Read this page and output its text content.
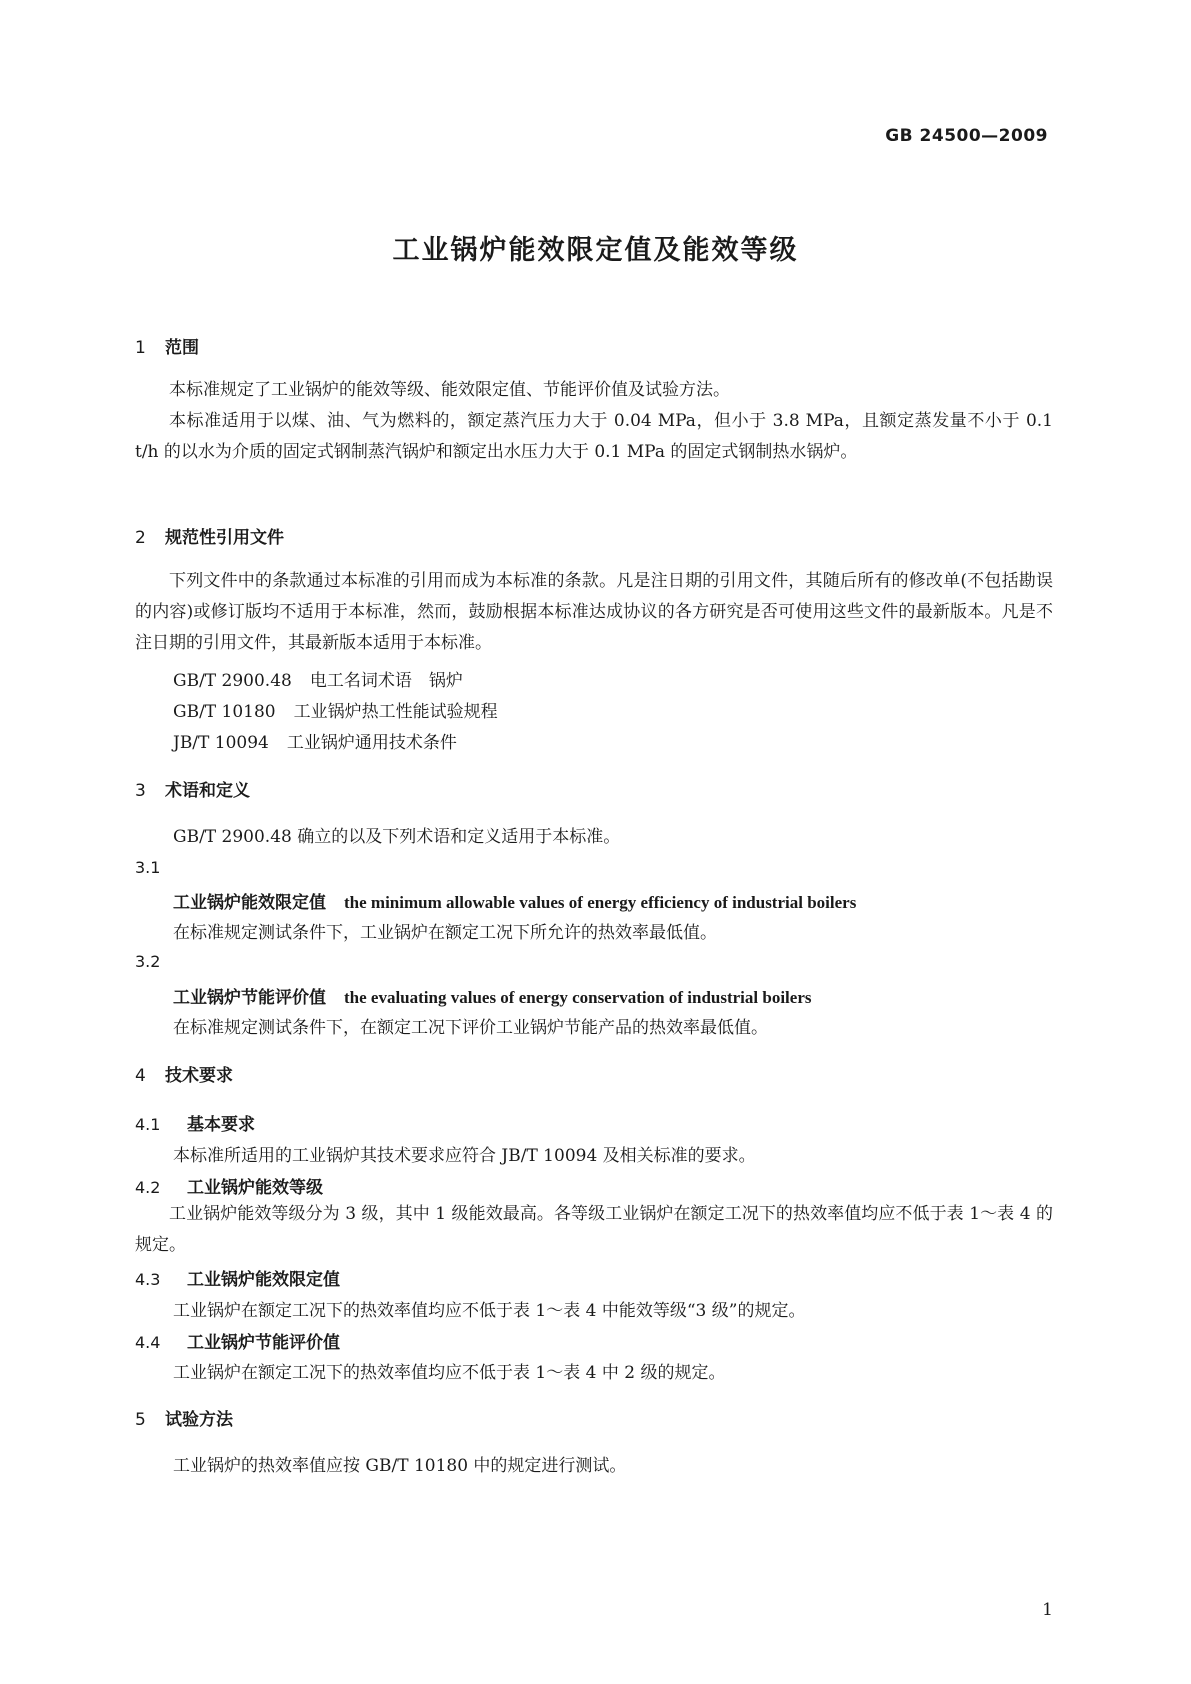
GB 24500—2009
工业锅炉能效限定值及能效等级
1 范围
本标准规定了工业锅炉的能效等级、能效限定值、节能评价值及试验方法。
本标准适用于以煤、油、气为燃料的，额定蒸汽压力大于 0.04 MPa，但小于 3.8 MPa，且额定蒸发量不小于 0.1 t/h 的以水为介质的固定式钢制蒸汽锅炉和额定出水压力大于 0.1 MPa 的固定式钢制热水锅炉。
2 规范性引用文件
下列文件中的条款通过本标准的引用而成为本标准的条款。凡是注日期的引用文件，其随后所有的修改单(不包括勘误的内容)或修订版均不适用于本标准，然而，鼓励根据本标准达成协议的各方研究是否可使用这些文件的最新版本。凡是不注日期的引用文件，其最新版本适用于本标准。
GB/T 2900.48 电工名词术语　锅炉
GB/T 10180 工业锅炉热工性能试验规程
JB/T 10094 工业锅炉通用技术条件
3 术语和定义
GB/T 2900.48 确立的以及下列术语和定义适用于本标准。
3.1
工业锅炉能效限定值 the minimum allowable values of energy efficiency of industrial boilers
在标准规定测试条件下，工业锅炉在额定工况下所允许的热效率最低值。
3.2
工业锅炉节能评价值 the evaluating values of energy conservation of industrial boilers
在标准规定测试条件下，在额定工况下评价工业锅炉节能产品的热效率最低值。
4 技术要求
4.1 基本要求
本标准所适用的工业锅炉其技术要求应符合 JB/T 10094 及相关标准的要求。
4.2 工业锅炉能效等级
工业锅炉能效等级分为 3 级，其中 1 级能效最高。各等级工业锅炉在额定工况下的热效率值均应不低于表 1～表 4 的规定。
4.3 工业锅炉能效限定值
工业锅炉在额定工况下的热效率值均应不低于表 1～表 4 中能效等级“3 级”的规定。
4.4 工业锅炉节能评价值
工业锅炉在额定工况下的热效率值均应不低于表 1～表 4 中 2 级的规定。
5 试验方法
工业锅炉的热效率值应按 GB/T 10180 中的规定进行测试。
1
